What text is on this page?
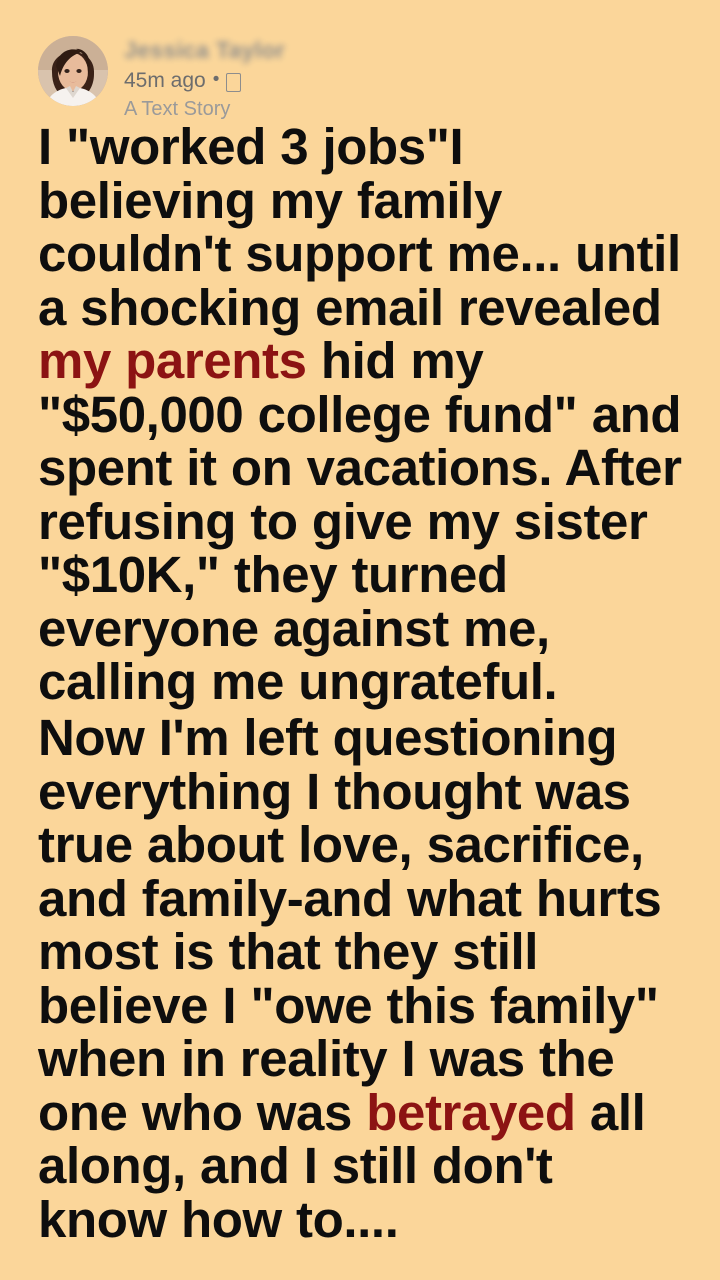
Jessica Taylor
45m ago •
A Text Story

I "worked 3 jobs"I believing my family couldn't support me... until a shocking email revealed my parents hid my "$50,000 college fund" and spent it on vacations. After refusing to give my sister "$10K," they turned everyone against me, calling me ungrateful.

Now I'm left questioning everything I thought was true about love, sacrifice, and family-and what hurts most is that they still believe I "owe this family" when in reality I was the one who was betrayed all along, and I still don't know how to....
